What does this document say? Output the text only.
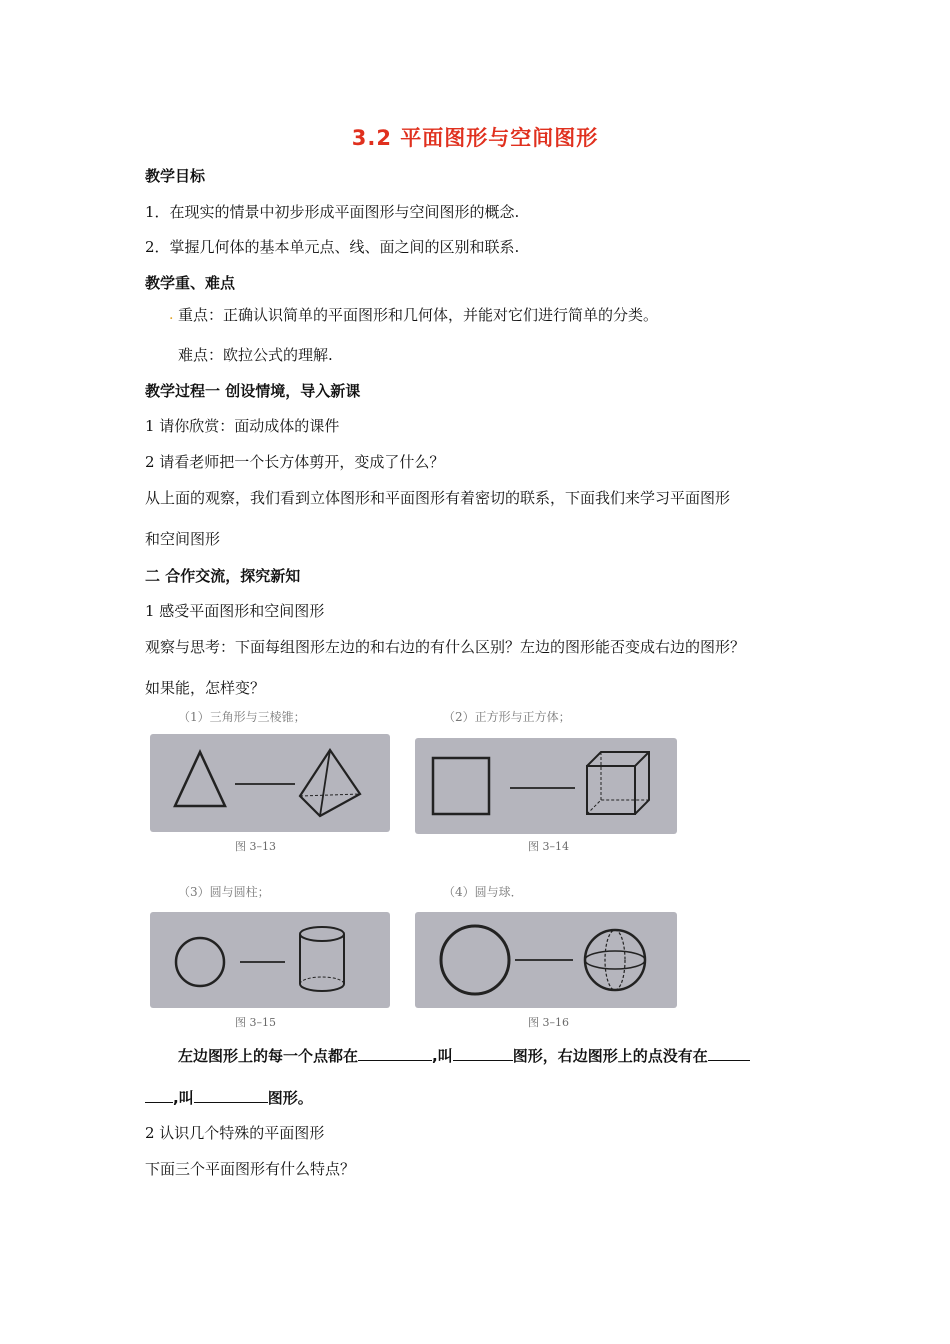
3.2 平面图形与空间图形
教学目标
1．在现实的情景中初步形成平面图形与空间图形的概念.
2．掌握几何体的基本单元点、线、面之间的区别和联系.
教学重、难点
. 重点：正确认识简单的平面图形和几何体，并能对它们进行简单的分类。
难点：欧拉公式的理解.
教学过程一 创设情境，导入新课
1 请你欣赏：面动成体的课件
2 请看老师把一个长方体剪开，变成了什么？
从上面的观察，我们看到立体图形和平面图形有着密切的联系，下面我们来学习平面图形
和空间图形
二 合作交流，探究新知
1 感受平面图形和空间图形
观察与思考：下面每组图形左边的和右边的有什么区别？左边的图形能否变成右边的图形？
如果能，怎样变？
（1）三角形与三棱锥；
图 3–13
（2）正方形与正方体；
图 3–14
（3）圆与圆柱；
图 3–15
（4）圆与球．
图 3–16
左边图形上的每一个点都在	,叫	图形，右边图形上的点没有在
,叫	图形。
2 认识几个特殊的平面图形
下面三个平面图形有什么特点？
